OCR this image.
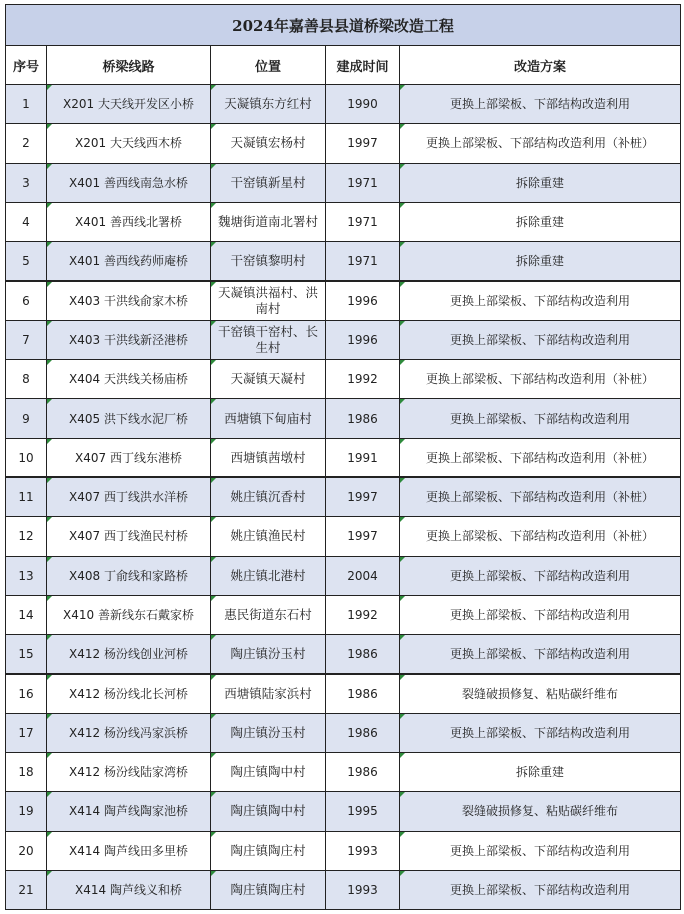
2024年嘉善县县道桥梁改造工程				
序号	桥梁线路	位置	建成时间	改造方案
1	X201 大天线开发区小桥	天凝镇东方红村	1990	更换上部梁板、下部结构改造利用

2	X201 大天线西木桥	天凝镇宏杨村	1997	更换上部梁板、下部结构改造利用（补桩）

3	X401 善西线南急水桥	干窑镇新星村	1971	拆除重建

4	X401 善西线北署桥	魏塘街道南北署村	1971	拆除重建

5	X401 善西线药师庵桥	干窑镇黎明村	1971	拆除重建

6	X403 干洪线俞家木桥	天凝镇洪福村、洪南村	1996	更换上部梁板、下部结构改造利用

7	X403 干洪线新泾港桥	干窑镇干窑村、长生村	1996	更换上部梁板、下部结构改造利用

8	X404 天洪线关杨庙桥	天凝镇天凝村	1992	更换上部梁板、下部结构改造利用（补桩）

9	X405 洪下线水泥厂桥	西塘镇下甸庙村	1986	更换上部梁板、下部结构改造利用

10	X407 西丁线东港桥	西塘镇茜墩村	1991	更换上部梁板、下部结构改造利用（补桩）

11	X407 西丁线洪水洋桥	姚庄镇沉香村	1997	更换上部梁板、下部结构改造利用（补桩）

12	X407 西丁线渔民村桥	姚庄镇渔民村	1997	更换上部梁板、下部结构改造利用（补桩）

13	X408 丁俞线和家路桥	姚庄镇北港村	2004	更换上部梁板、下部结构改造利用

14	X410 善新线东石戴家桥	惠民街道东石村	1992	更换上部梁板、下部结构改造利用

15	X412 杨汾线创业河桥	陶庄镇汾玉村	1986	更换上部梁板、下部结构改造利用

16	X412 杨汾线北长河桥	西塘镇陆家浜村	1986	裂缝破损修复、粘贴碳纤维布

17	X412 杨汾线冯家浜桥	陶庄镇汾玉村	1986	更换上部梁板、下部结构改造利用

18	X412 杨汾线陆家湾桥	陶庄镇陶中村	1986	拆除重建

19	X414 陶芦线陶家池桥	陶庄镇陶中村	1995	裂缝破损修复、粘贴碳纤维布

20	X414 陶芦线田多里桥	陶庄镇陶庄村	1993	更换上部梁板、下部结构改造利用

21	X414 陶芦线义和桥	陶庄镇陶庄村	1993	更换上部梁板、下部结构改造利用
